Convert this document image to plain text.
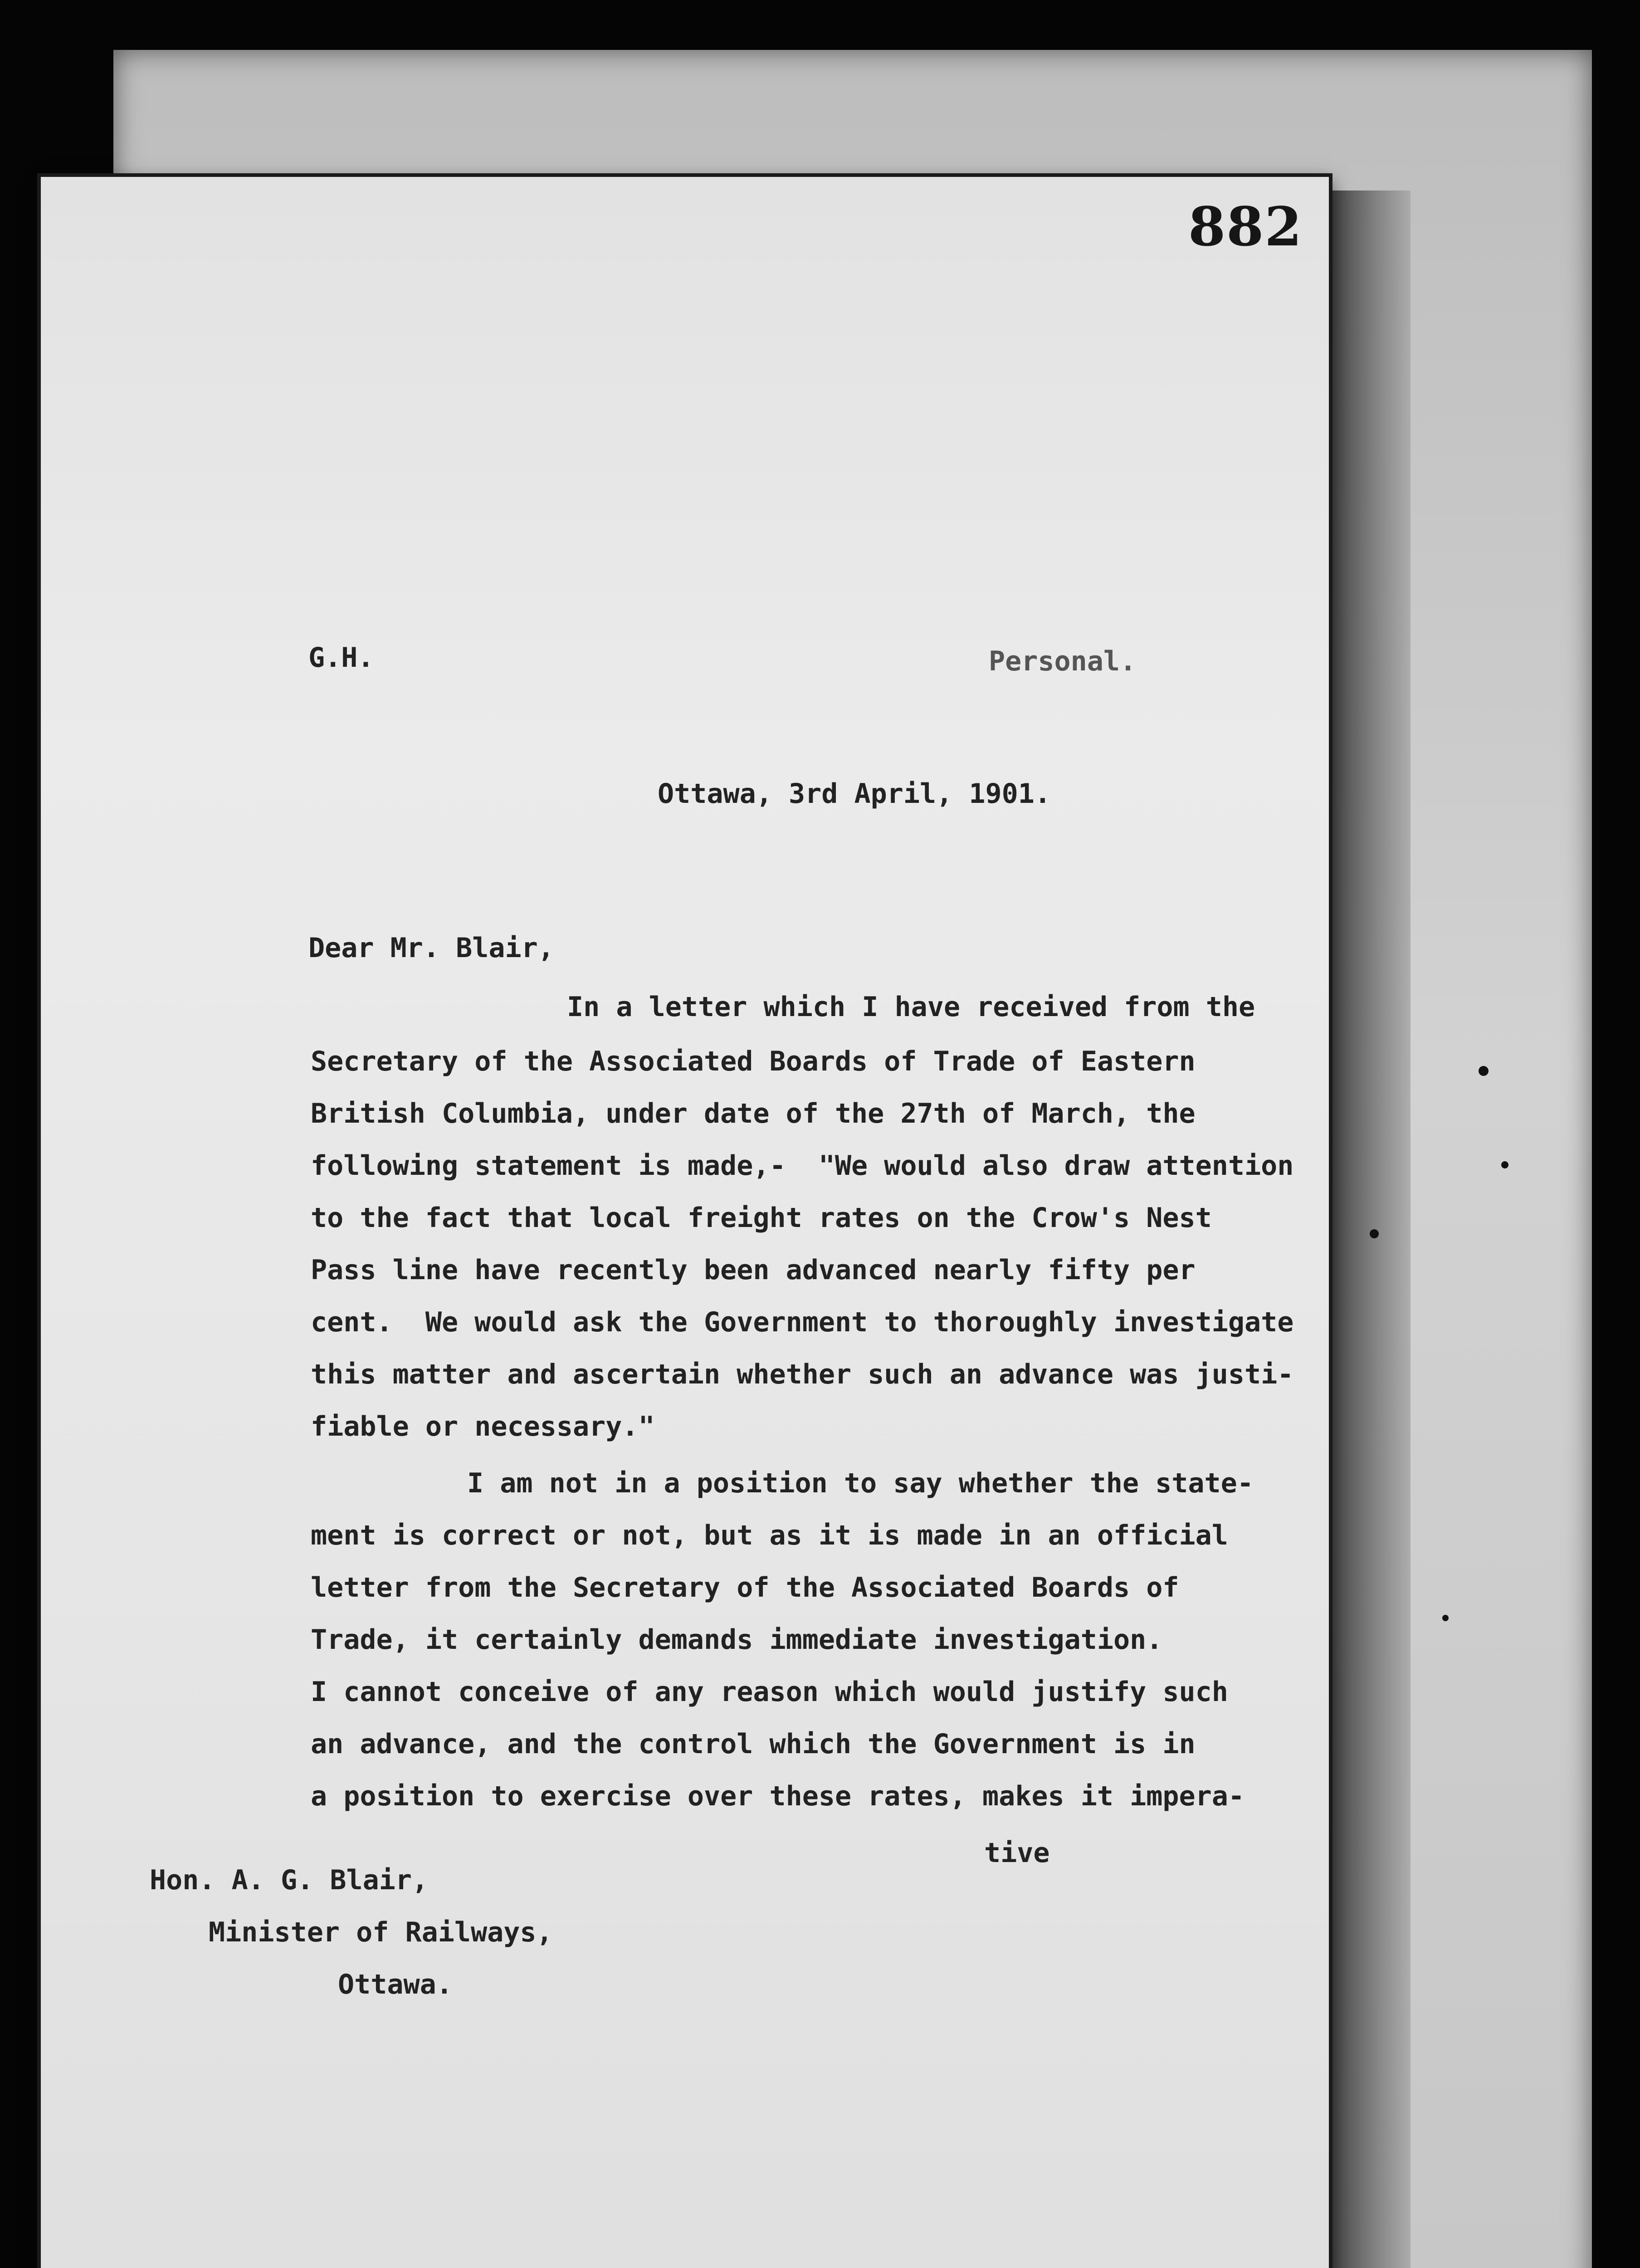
882
G.H.	Personal.
Ottawa, 3rd April, 1901.
Dear Mr. Blair,
In a letter which I have received from the
Secretary of the Associated Boards of Trade of Eastern
British Columbia, under date of the 27th of March, the
following statement is made,-  "We would also draw attention
to the fact that local freight rates on the Crow's Nest
Pass line have recently been advanced nearly fifty per
cent.  We would ask the Government to thoroughly investigate
this matter and ascertain whether such an advance was justi-
fiable or necessary."
I am not in a position to say whether the state-
ment is correct or not, but as it is made in an official
letter from the Secretary of the Associated Boards of
Trade, it certainly demands immediate investigation.
I cannot conceive of any reason which would justify such
an advance, and the control which the Government is in
a position to exercise over these rates, makes it impera-
tive
Hon. A. G. Blair,
Minister of Railways,
Ottawa.
